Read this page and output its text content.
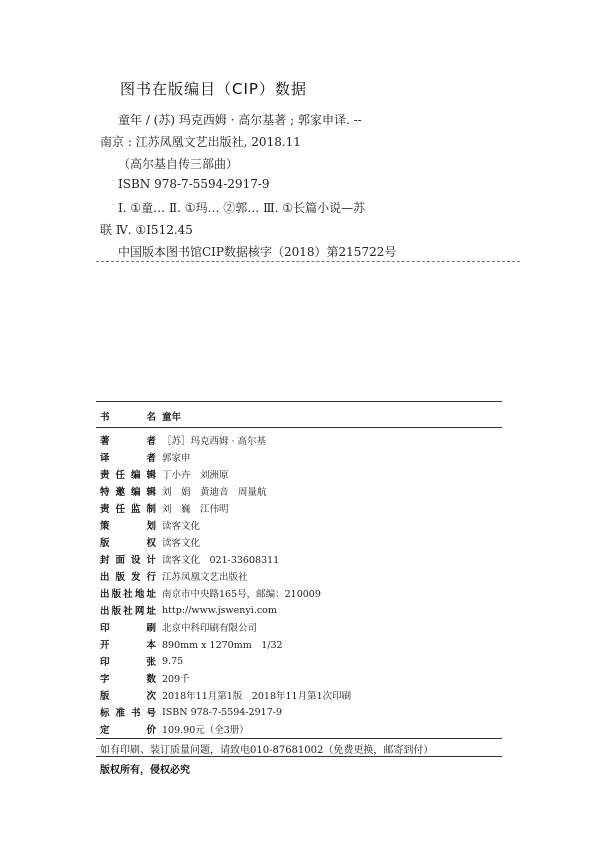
图书在版编目（CIP）数据
童年 / (苏) 玛克西姆 · 高尔基著 ; 郭家申译. --
南京 : 江苏凤凰文艺出版社, 2018.11
（高尔基自传三部曲）
ISBN 978-7-5594-2917-9
Ⅰ. ①童… Ⅱ. ①玛… ②郭… Ⅲ. ①长篇小说—苏
联 Ⅳ. ①I512.45
中国版本图书馆CIP数据核字（2018）第215722号
书　名 童年
著　者 ［苏］玛克西姆 · 高尔基
译　者 郭家申
责任编辑 丁小卉　刘洲原
特邀编辑 刘　娟　黄迪音　周量航
责任监制 刘　巍　江伟明
策　划 读客文化
版　权 读客文化
封面设计 读客文化　021-33608311
出版发行 江苏凤凰文艺出版社
出版社地址 南京市中央路165号，邮编：210009
出版社网址 http://www.jswenyi.com
印　刷 北京中科印刷有限公司
开　本 890mm x 1270mm　1/32
印　张 9.75
字　数 209千
版　次 2018年11月第1版　2018年11月第1次印刷
标准书号 ISBN 978-7-5594-2917-9
定　价 109.90元（全3册）
如有印刷、装订质量问题，请致电010-87681002（免费更换，邮寄到付）
版权所有，侵权必究
